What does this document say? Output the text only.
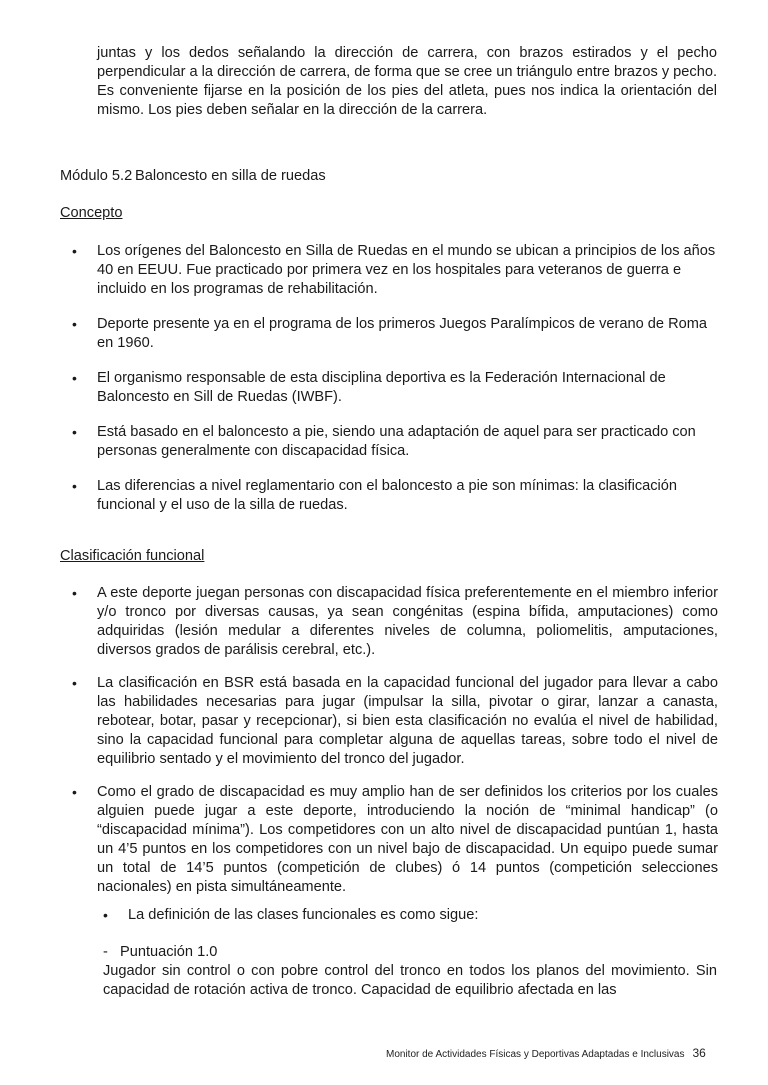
juntas y los dedos señalando la dirección de carrera, con brazos estirados y el pecho perpendicular a la dirección de carrera, de forma que se cree un triángulo entre brazos y pecho. Es conveniente fijarse en la posición de los pies del atleta, pues nos indica la orientación del mismo. Los pies deben señalar en la dirección de la carrera.

Módulo 5.2 Baloncesto en silla de ruedas
Concepto
•	Los orígenes del Baloncesto en Silla de Ruedas en el mundo se ubican a principios de los años 40 en EEUU. Fue practicado por primera vez en los hospitales para veteranos de guerra e incluido en los programas de rehabilitación.
•	Deporte presente ya en el programa de los primeros Juegos Paralímpicos de verano de Roma en 1960.
•	El organismo responsable de esta disciplina deportiva es la Federación Internacional de Baloncesto en Sill de Ruedas (IWBF).
•	Está basado en el baloncesto a pie, siendo una adaptación de aquel para ser practicado con personas generalmente con discapacidad física.
•	Las diferencias a nivel reglamentario con el baloncesto a pie son mínimas: la clasificación funcional y el uso de la silla de ruedas.
Clasificación funcional
•	A este deporte juegan personas con discapacidad física preferentemente en el miembro inferior y/o tronco por diversas causas, ya sean congénitas (espina bífida, amputaciones) como adquiridas (lesión medular a diferentes niveles de columna, poliomelitis, amputaciones, diversos grados de parálisis cerebral, etc.).
•	La clasificación en BSR está basada en la capacidad funcional del jugador para llevar a cabo las habilidades necesarias para jugar (impulsar la silla, pivotar o girar, lanzar a canasta, rebotear, botar, pasar y recepcionar), si bien esta clasificación no evalúa el nivel de habilidad, sino la capacidad funcional para completar alguna de aquellas tareas, sobre todo el nivel de equilibrio sentado y el movimiento del tronco del jugador.
•	Como el grado de discapacidad es muy amplio han de ser definidos los criterios por los cuales alguien puede jugar a este deporte, introduciendo la noción de “minimal handicap” (o “discapacidad mínima”). Los competidores con un alto nivel de discapacidad puntúan 1, hasta un 4’5 puntos en los competidores con un nivel bajo de discapacidad. Un equipo puede sumar un total de 14’5 puntos (competición de clubes) ó 14 puntos (competición selecciones nacionales) en pista simultáneamente.
• La definición de las clases funcionales es como sigue:
- Puntuación 1.0
Jugador sin control o con pobre control del tronco en todos los planos del movimiento. Sin capacidad de rotación activa de tronco. Capacidad de equilibrio afectada en las
Monitor de Actividades Físicas y Deportivas Adaptadas e Inclusivas 36
